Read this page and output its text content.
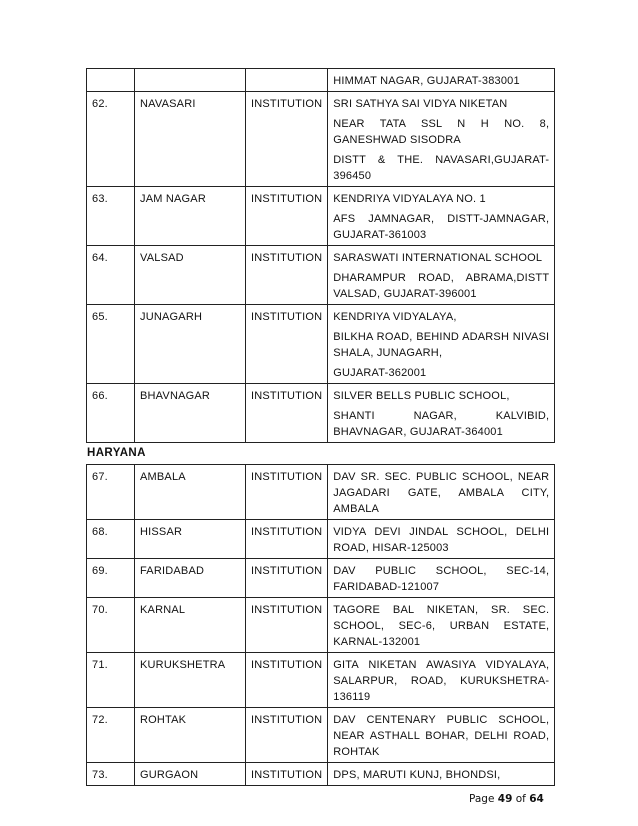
			HIMMAT NAGAR, GUJARAT-383001

62.	NAVASARI	INSTITUTION	SRI SATHYA SAI VIDYA NIKETAN

NEAR TATA SSL N H NO. 8, GANESHWAD SISODRA

DISTT & THE. NAVASARI,GUJARAT-396450

63.	JAM NAGAR	INSTITUTION	KENDRIYA VIDYALAYA NO. 1

AFS JAMNAGAR, DISTT-JAMNAGAR, GUJARAT-361003

64.	VALSAD	INSTITUTION	SARASWATI INTERNATIONAL SCHOOL

DHARAMPUR ROAD, ABRAMA,DISTT VALSAD, GUJARAT-396001

65.	JUNAGARH	INSTITUTION	KENDRIYA VIDYALAYA,

BILKHA ROAD, BEHIND ADARSH NIVASI SHALA, JUNAGARH,

GUJARAT-362001

66.	BHAVNAGAR	INSTITUTION	SILVER BELLS PUBLIC SCHOOL,

SHANTI NAGAR, KALVIBID, BHAVNAGAR, GUJARAT-364001

HARYANA
67.	AMBALA	INSTITUTION	DAV SR. SEC. PUBLIC SCHOOL, NEAR JAGADARI GATE, AMBALA CITY, AMBALA

68.	HISSAR	INSTITUTION	VIDYA DEVI JINDAL SCHOOL, DELHI ROAD, HISAR-125003

69.	FARIDABAD	INSTITUTION	DAV PUBLIC SCHOOL, SEC-14, FARIDABAD-121007

70.	KARNAL	INSTITUTION	TAGORE BAL NIKETAN, SR. SEC. SCHOOL, SEC-6, URBAN ESTATE, KARNAL-132001

71.	KURUKSHETRA	INSTITUTION	GITA NIKETAN AWASIYA VIDYALAYA, SALARPUR, ROAD, KURUKSHETRA-136119

72.	ROHTAK	INSTITUTION	DAV CENTENARY PUBLIC SCHOOL, NEAR ASTHALL BOHAR, DELHI ROAD, ROHTAK

73.	GURGAON	INSTITUTION	DPS, MARUTI KUNJ, BHONDSI,

Page 49 of 64
